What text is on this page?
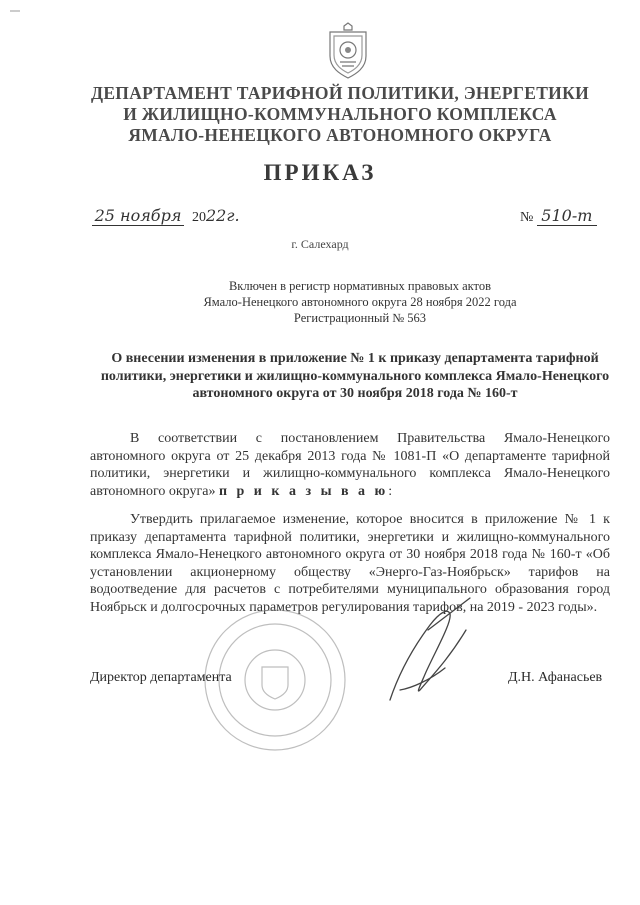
ДЕПАРТАМЕНТ ТАРИФНОЙ ПОЛИТИКИ, ЭНЕРГЕТИКИ
И ЖИЛИЩНО-КОММУНАЛЬНОГО КОМПЛЕКСА
ЯМАЛО-НЕНЕЦКОГО АВТОНОМНОГО ОКРУГА
ПРИКАЗ
25 ноября 2022г.	№ 510-т
г. Салехард
Включен в регистр нормативных правовых актов
Ямало-Ненецкого автономного округа 28 ноября 2022 года
Регистрационный № 563
О внесении изменения в приложение № 1 к приказу департамента тарифной политики, энергетики и жилищно-коммунального комплекса Ямало-Ненецкого автономного округа от 30 ноября 2018 года № 160-т
В соответствии с постановлением Правительства Ямало-Ненецкого автономного округа от 25 декабря 2013 года № 1081-П «О департаменте тарифной политики, энергетики и жилищно-коммунального комплекса Ямало-Ненецкого автономного округа» п р и к а з ы в а ю:
Утвердить прилагаемое изменение, которое вносится в приложение № 1 к приказу департамента тарифной политики, энергетики и жилищно-коммунального комплекса Ямало-Ненецкого автономного округа от 30 ноября 2018 года № 160-т «Об установлении акционерному обществу «Энерго-Газ-Ноябрьск» тарифов на водоотведение для расчетов с потребителями муниципального образования город Ноябрьск и долгосрочных параметров регулирования тарифов, на 2019 - 2023 годы».
Директор департамента	Д.Н. Афанасьев
